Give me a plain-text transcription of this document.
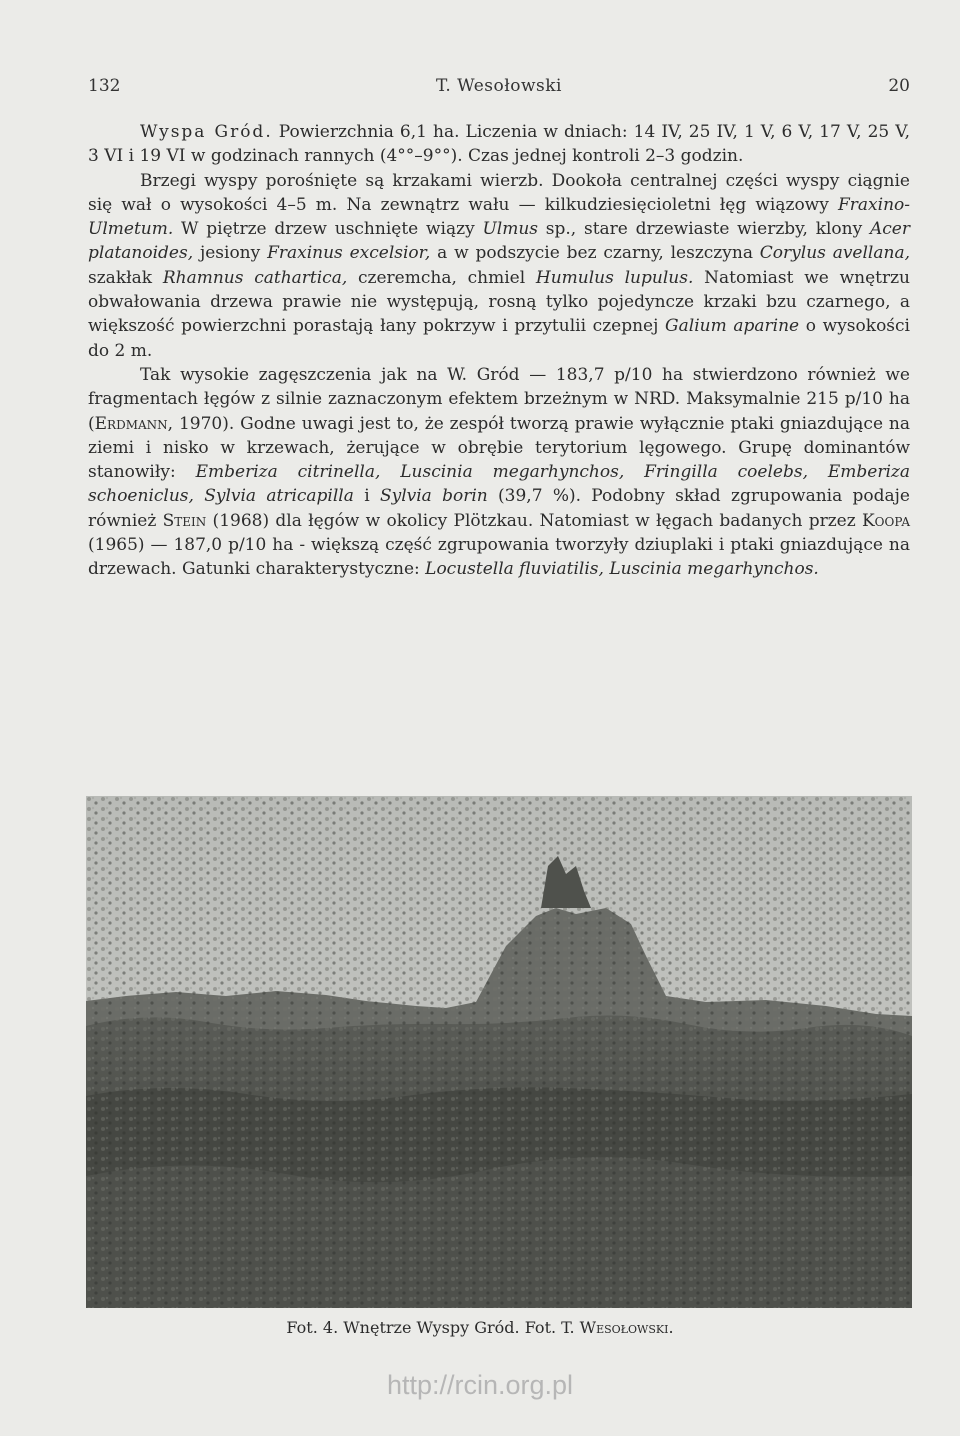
132	T. Wesołowski	20

Wyspa Gród. Powierzchnia 6,1 ha. Liczenia w dniach: 14 IV, 25 IV, 1 V, 6 V, 17 V, 25 V, 3 VI i 19 VI w godzinach rannych (4°°–9°°). Czas jednej kontroli 2–3 godzin.

Brzegi wyspy porośnięte są krzakami wierzb. Dookoła centralnej części wyspy ciągnie się wał o wysokości 4–5 m. Na zewnątrz wału — kilkudziesięcioletni łęg wiązowy Fraxino-Ulmetum. W piętrze drzew uschnięte wiązy Ulmus sp., stare drzewiaste wierzby, klony Acer platanoides, jesiony Fraxinus excelsior, a w podszycie bez czarny, leszczyna Corylus avellana, szakłak Rhamnus cathartica, czeremcha, chmiel Humulus lupulus. Natomiast we wnętrzu obwałowania drzewa prawie nie występują, rosną tylko pojedyncze krzaki bzu czarnego, a większość powierzchni porastają łany pokrzyw i przytulii czepnej Galium aparine o wysokości do 2 m.

Tak wysokie zagęszczenia jak na W. Gród — 183,7 p/10 ha stwierdzono również we fragmentach łęgów z silnie zaznaczonym efektem brzeżnym w NRD. Maksymalnie 215 p/10 ha (Erdmann, 1970). Godne uwagi jest to, że zespół tworzą prawie wyłącznie ptaki gniazdujące na ziemi i nisko w krzewach, żerujące w obrębie terytorium lęgowego. Grupę dominantów stanowiły: Emberiza citrinella, Luscinia megarhynchos, Fringilla coelebs, Emberiza schoeniclus, Sylvia atricapilla i Sylvia borin (39,7 %). Podobny skład zgrupowania podaje również Stein (1968) dla łęgów w okolicy Plötzkau. Natomiast w łęgach badanych przez Koopa (1965) — 187,0 p/10 ha - większą część zgrupowania tworzyły dziuplaki i ptaki gniazdujące na drzewach. Gatunki charakterystyczne: Locustella fluviatilis, Luscinia megarhynchos.

Fot. 4. Wnętrze Wyspy Gród. Fot. T. Wesołowski.
http://rcin.org.pl
